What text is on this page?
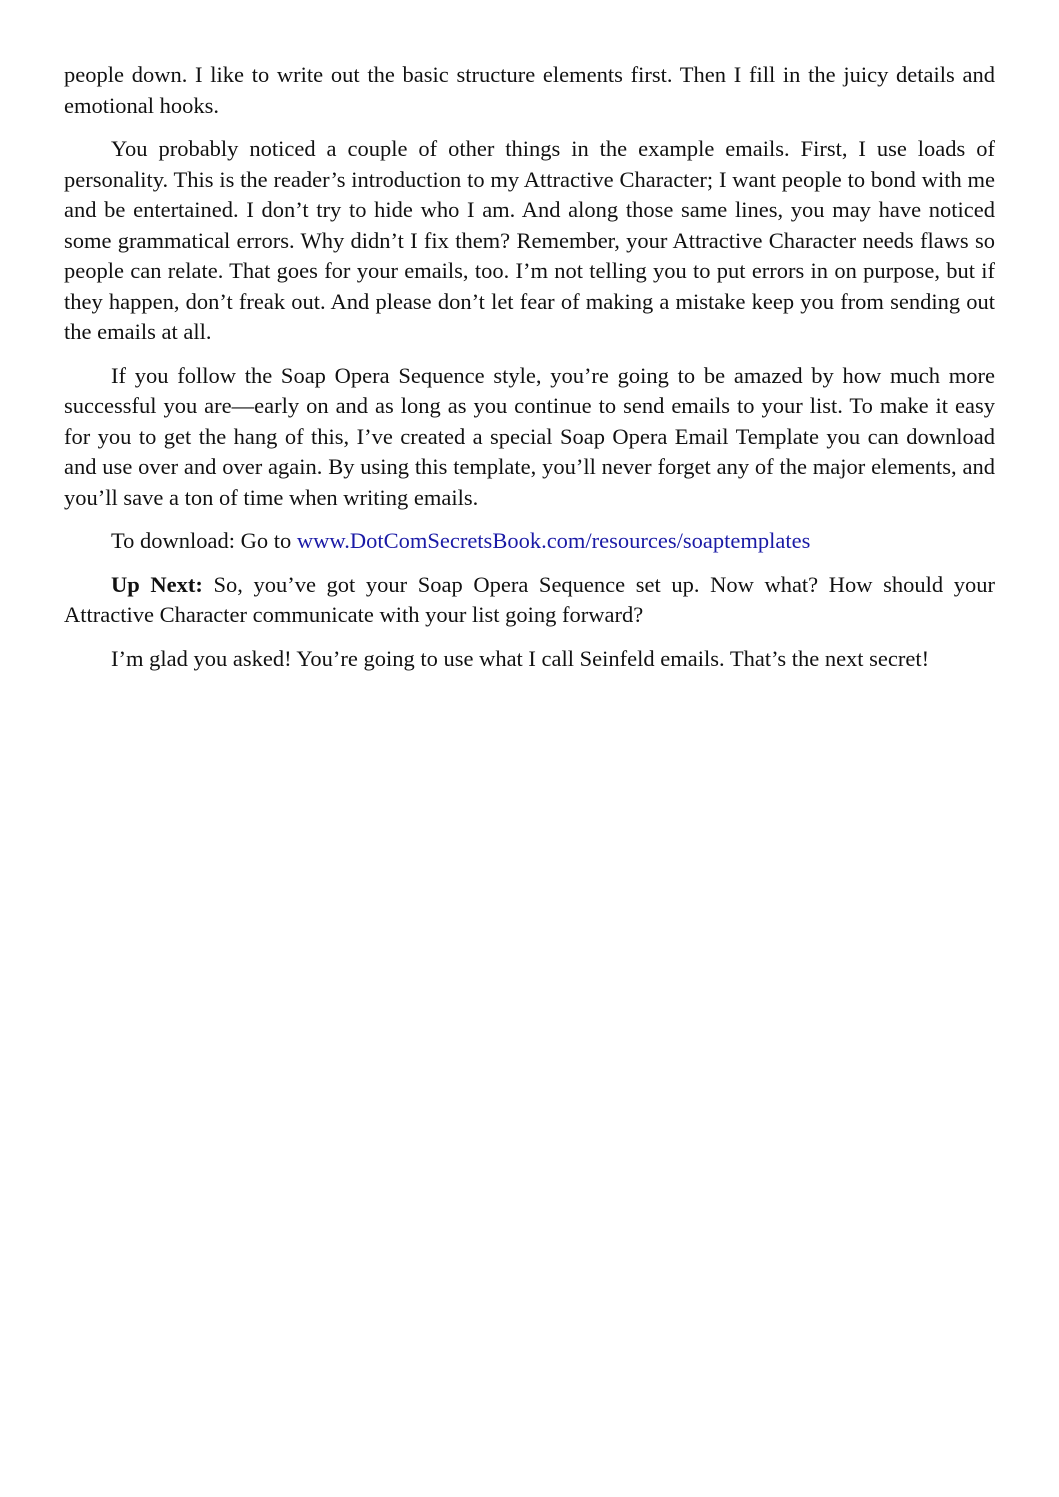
people down. I like to write out the basic structure elements first. Then I fill in the juicy details and emotional hooks.

You probably noticed a couple of other things in the example emails. First, I use loads of personality. This is the reader’s introduction to my Attractive Character; I want people to bond with me and be entertained. I don’t try to hide who I am. And along those same lines, you may have noticed some grammatical errors. Why didn’t I fix them? Remember, your Attractive Character needs flaws so people can relate. That goes for your emails, too. I’m not telling you to put errors in on purpose, but if they happen, don’t freak out. And please don’t let fear of making a mistake keep you from sending out the emails at all.

If you follow the Soap Opera Sequence style, you’re going to be amazed by how much more successful you are—early on and as long as you continue to send emails to your list. To make it easy for you to get the hang of this, I’ve created a special Soap Opera Email Template you can download and use over and over again. By using this template, you’ll never forget any of the major elements, and you’ll save a ton of time when writing emails.

To download: Go to www.DotComSecretsBook.com/resources/soaptemplates

Up Next: So, you’ve got your Soap Opera Sequence set up. Now what? How should your Attractive Character communicate with your list going forward?

I’m glad you asked! You’re going to use what I call Seinfeld emails. That’s the next secret!
